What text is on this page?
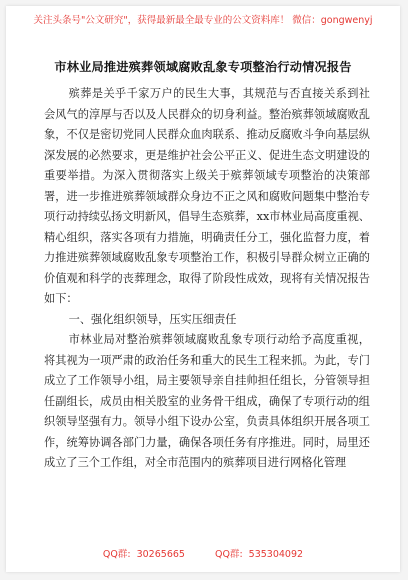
关注头条号"公文研究"，获得最新最全最专业的公文资料库！ 微信：gongwenyj
市林业局推进殡葬领域腐败乱象专项整治行动情况报告

殡葬是关乎千家万户的民生大事，其规范与否直接关系到社会风气的淳厚与否以及人民群众的切身利益。整治殡葬领域腐败乱象，不仅是密切党同人民群众血肉联系、推动反腐败斗争向基层纵深发展的必然要求，更是维护社会公平正义、促进生态文明建设的重要举措。为深入贯彻落实上级关于殡葬领域专项整治的决策部署，进一步推进殡葬领域群众身边不正之风和腐败问题集中整治专项行动持续弘扬文明新风，倡导生态殡葬，xx市林业局高度重视、精心组织，落实各项有力措施，明确责任分工，强化监督力度，着力推进殡葬领域腐败乱象专项整治工作，积极引导群众树立正确的价值观和科学的丧葬理念，取得了阶段性成效，现将有关情况报告如下：

一、强化组织领导，压实压细责任

市林业局对整治殡葬领域腐败乱象专项行动给予高度重视，将其视为一项严肃的政治任务和重大的民生工程来抓。为此，专门成立了工作领导小组，局主要领导亲自挂帅担任组长，分管领导担任副组长，成员由相关股室的业务骨干组成，确保了专项行动的组织领导坚强有力。领导小组下设办公室，负责具体组织开展各项工作，统筹协调各部门力量，确保各项任务有序推进。同时，局里还成立了三个工作组，对全市范围内的殡葬项目进行网格化管理

QQ群: 30265665	QQ群: 535304092
